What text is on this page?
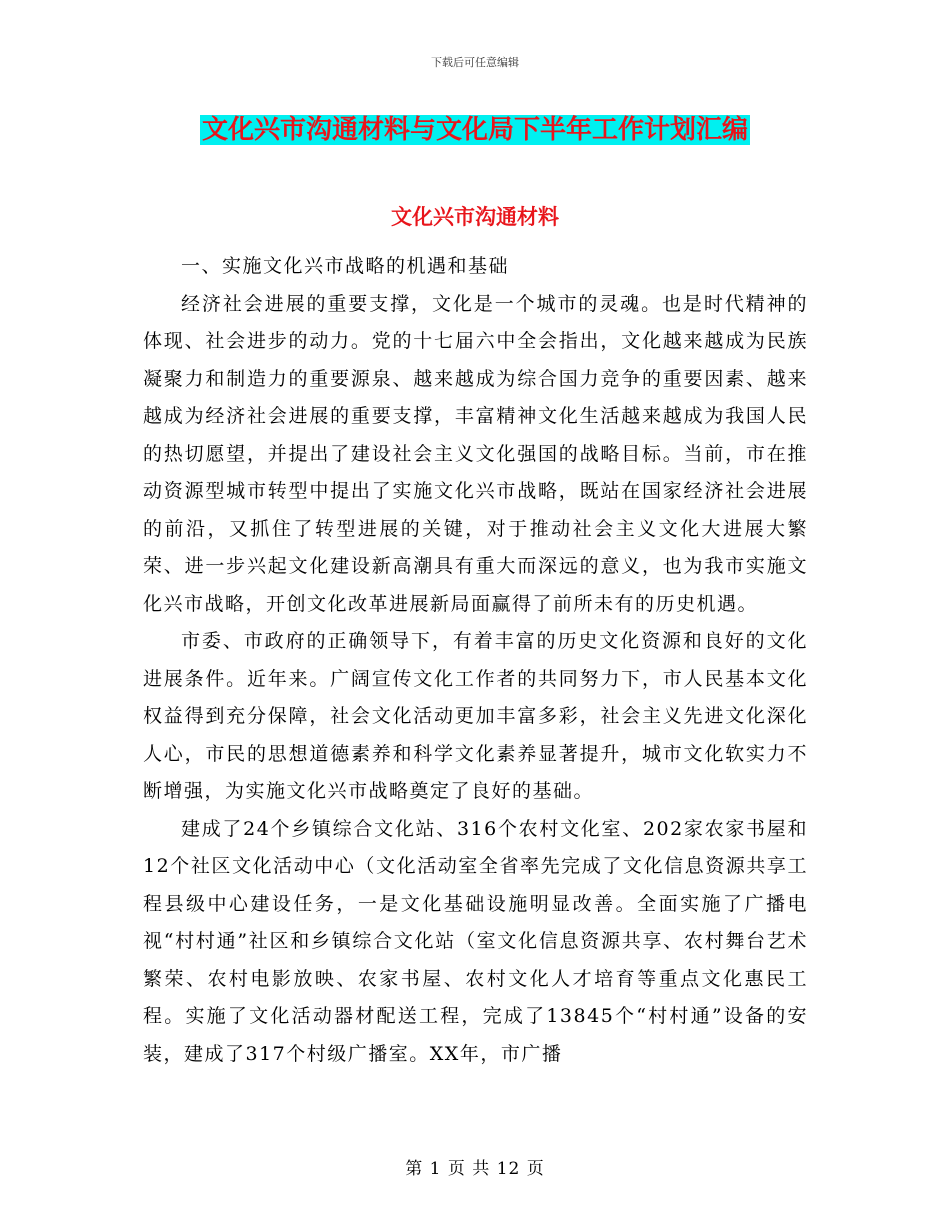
下载后可任意编辑
文化兴市沟通材料与文化局下半年工作计划汇编
文化兴市沟通材料

一、实施文化兴市战略的机遇和基础

经济社会进展的重要支撑，文化是一个城市的灵魂。也是时代精神的体现、社会进步的动力。党的十七届六中全会指出，文化越来越成为民族凝聚力和制造力的重要源泉、越来越成为综合国力竞争的重要因素、越来越成为经济社会进展的重要支撑，丰富精神文化生活越来越成为我国人民的热切愿望，并提出了建设社会主义文化强国的战略目标。当前，市在推动资源型城市转型中提出了实施文化兴市战略，既站在国家经济社会进展的前沿，又抓住了转型进展的关键，对于推动社会主义文化大进展大繁荣、进一步兴起文化建设新高潮具有重大而深远的意义，也为我市实施文化兴市战略，开创文化改革进展新局面赢得了前所未有的历史机遇。

市委、市政府的正确领导下，有着丰富的历史文化资源和良好的文化进展条件。近年来。广阔宣传文化工作者的共同努力下，市人民基本文化权益得到充分保障，社会文化活动更加丰富多彩，社会主义先进文化深化人心，市民的思想道德素养和科学文化素养显著提升，城市文化软实力不断增强，为实施文化兴市战略奠定了良好的基础。

建成了24个乡镇综合文化站、316个农村文化室、202家农家书屋和12个社区文化活动中心（文化活动室全省率先完成了文化信息资源共享工程县级中心建设任务，一是文化基础设施明显改善。全面实施了广播电视“村村通”社区和乡镇综合文化站（室文化信息资源共享、农村舞台艺术繁荣、农村电影放映、农家书屋、农村文化人才培育等重点文化惠民工程。实施了文化活动器材配送工程，完成了13845个“村村通”设备的安装，建成了317个村级广播室。XX年，市广播

第 1 页 共 12 页
